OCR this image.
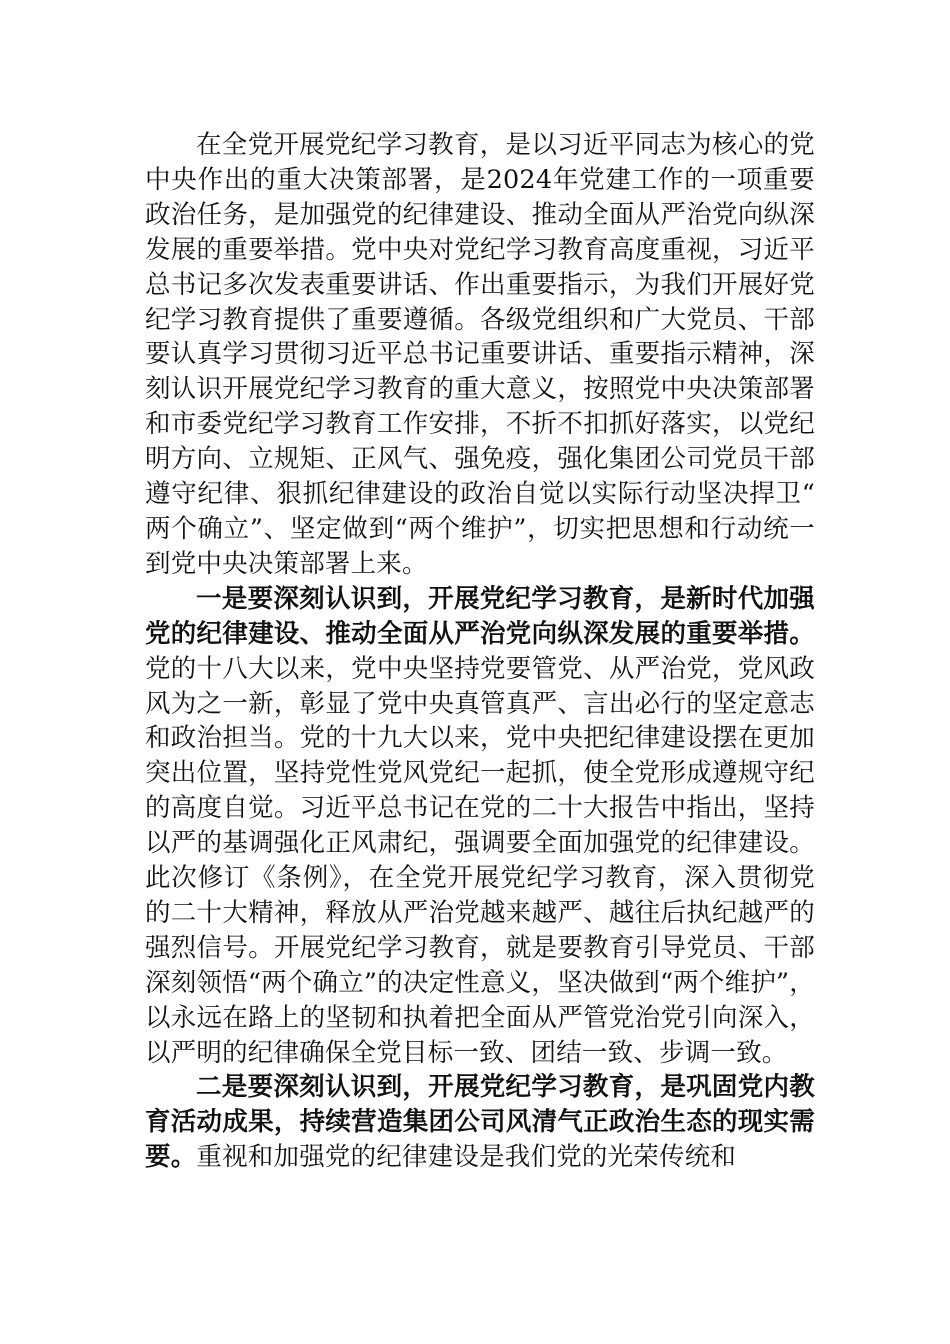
在全党开展党纪学习教育，是以习近平同志为核心的党中央作出的重大决策部署，是2024年党建工作的一项重要政治任务，是加强党的纪律建设、推动全面从严治党向纵深发展的重要举措。党中央对党纪学习教育高度重视，习近平总书记多次发表重要讲话、作出重要指示，为我们开展好党纪学习教育提供了重要遵循。各级党组织和广大党员、干部要认真学习贯彻习近平总书记重要讲话、重要指示精神，深刻认识开展党纪学习教育的重大意义，按照党中央决策部署和市委党纪学习教育工作安排，不折不扣抓好落实，以党纪明方向、立规矩、正风气、强免疫，强化集团公司党员干部遵守纪律、狠抓纪律建设的政治自觉以实际行动坚决捍卫“两个确立”、坚定做到“两个维护”，切实把思想和行动统一到党中央决策部署上来。

一是要深刻认识到，开展党纪学习教育，是新时代加强党的纪律建设、推动全面从严治党向纵深发展的重要举措。党的十八大以来，党中央坚持党要管党、从严治党，党风政风为之一新，彰显了党中央真管真严、言出必行的坚定意志和政治担当。党的十九大以来，党中央把纪律建设摆在更加突出位置，坚持党性党风党纪一起抓，使全党形成遵规守纪的高度自觉。习近平总书记在党的二十大报告中指出，坚持以严的基调强化正风肃纪，强调要全面加强党的纪律建设。此次修订《条例》，在全党开展党纪学习教育，深入贯彻党的二十大精神，释放从严治党越来越严、越往后执纪越严的强烈信号。开展党纪学习教育，就是要教育引导党员、干部深刻领悟“两个确立”的决定性意义，坚决做到“两个维护”，以永远在路上的坚韧和执着把全面从严管党治党引向深入，以严明的纪律确保全党目标一致、团结一致、步调一致。

二是要深刻认识到，开展党纪学习教育，是巩固党内教育活动成果，持续营造集团公司风清气正政治生态的现实需要。重视和加强党的纪律建设是我们党的光荣传统和
